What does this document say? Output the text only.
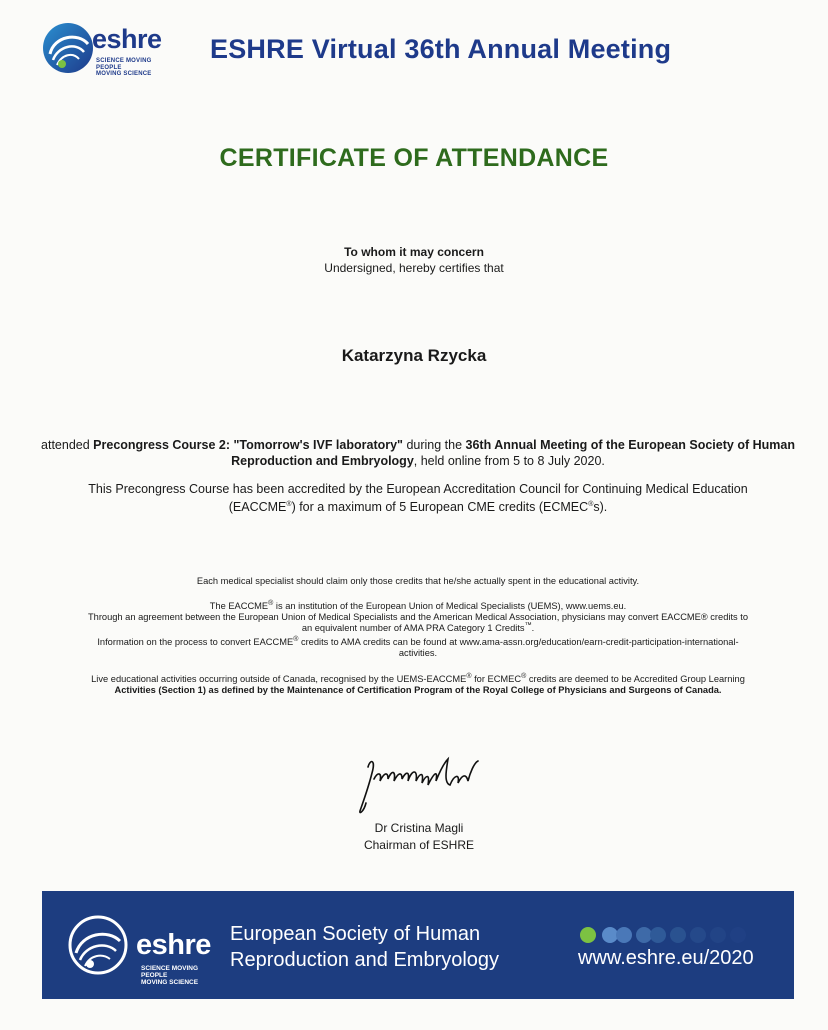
eshre
SCIENCE MOVING
PEOPLE
MOVING SCIENCE
ESHRE Virtual 36th Annual Meeting
CERTIFICATE OF ATTENDANCE
To whom it may concern
Undersigned, hereby certifies that
Katarzyna Rzycka
attended Precongress Course 2: "Tomorrow's IVF laboratory" during the 36th Annual Meeting of the European Society of Human Reproduction and Embryology, held online from 5 to 8 July 2020.
This Precongress Course has been accredited by the European Accreditation Council for Continuing Medical Education
(EACCME®) for a maximum of 5 European CME credits (ECMEC®s).
Each medical specialist should claim only those credits that he/she actually spent in the educational activity.
The EACCME® is an institution of the European Union of Medical Specialists (UEMS), www.uems.eu.
Through an agreement between the European Union of Medical Specialists and the American Medical Association, physicians may convert EACCME® credits to
an equivalent number of AMA PRA Category 1 Credits™.
Information on the process to convert EACCME® credits to AMA credits can be found at www.ama-assn.org/education/earn-credit-participation-international-
activities.
Live educational activities occurring outside of Canada, recognised by the UEMS-EACCME® for ECMEC® credits are deemed to be Accredited Group Learning
Activities (Section 1) as defined by the Maintenance of Certification Program of the Royal College of Physicians and Surgeons of Canada.
Dr Cristina Magli
Chairman of ESHRE
eshre
SCIENCE MOVING
PEOPLE
MOVING SCIENCE
European Society of Human
Reproduction and Embryology	www.eshre.eu/2020
